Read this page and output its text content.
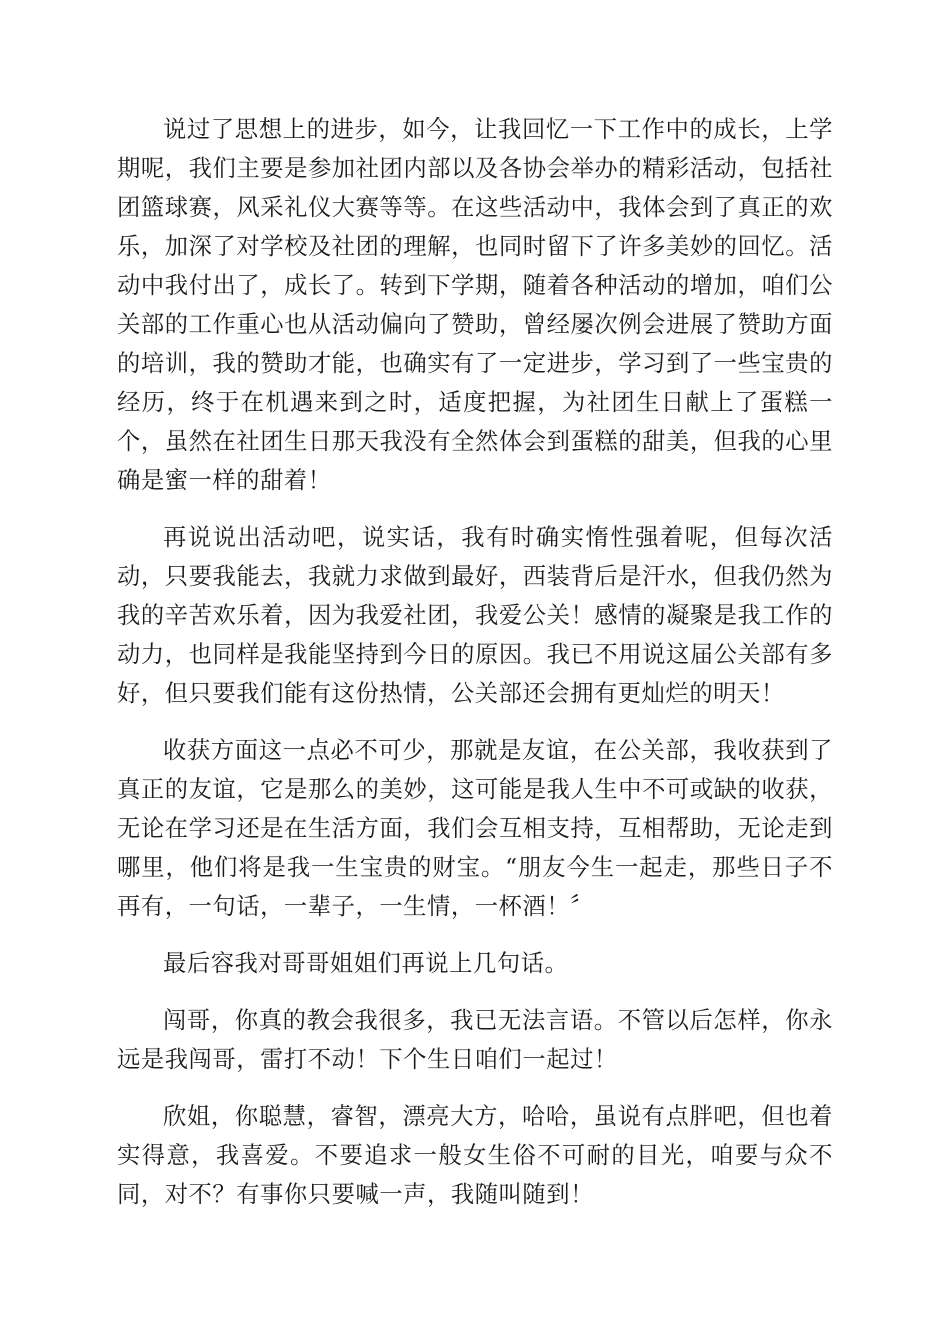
说过了思想上的进步，如今，让我回忆一下工作中的成长，上学期呢，我们主要是参加社团内部以及各协会举办的精彩活动，包括社团篮球赛，风采礼仪大赛等等。在这些活动中，我体会到了真正的欢乐，加深了对学校及社团的理解，也同时留下了许多美妙的回忆。活动中我付出了，成长了。转到下学期，随着各种活动的增加，咱们公关部的工作重心也从活动偏向了赞助，曾经屡次例会进展了赞助方面的培训，我的赞助才能，也确实有了一定进步，学习到了一些宝贵的经历，终于在机遇来到之时，适度把握，为社团生日献上了蛋糕一个，虽然在社团生日那天我没有全然体会到蛋糕的甜美，但我的心里确是蜜一样的甜着！

再说说出活动吧，说实话，我有时确实惰性强着呢，但每次活动，只要我能去，我就力求做到最好，西装背后是汗水，但我仍然为我的辛苦欢乐着，因为我爱社团，我爱公关！感情的凝聚是我工作的动力，也同样是我能坚持到今日的原因。我已不用说这届公关部有多好，但只要我们能有这份热情，公关部还会拥有更灿烂的明天！

收获方面这一点必不可少，那就是友谊，在公关部，我收获到了真正的友谊，它是那么的美妙，这可能是我人生中不可或缺的收获，无论在学习还是在生活方面，我们会互相支持，互相帮助，无论走到哪里，他们将是我一生宝贵的财宝。“朋友今生一起走，那些日子不再有，一句话，一辈子，一生情，一杯酒！〞

最后容我对哥哥姐姐们再说上几句话。

闯哥，你真的教会我很多，我已无法言语。不管以后怎样，你永远是我闯哥，雷打不动！下个生日咱们一起过！

欣姐，你聪慧，睿智，漂亮大方，哈哈，虽说有点胖吧，但也着实得意，我喜爱。不要追求一般女生俗不可耐的目光，咱要与众不同，对不？有事你只要喊一声，我随叫随到！
